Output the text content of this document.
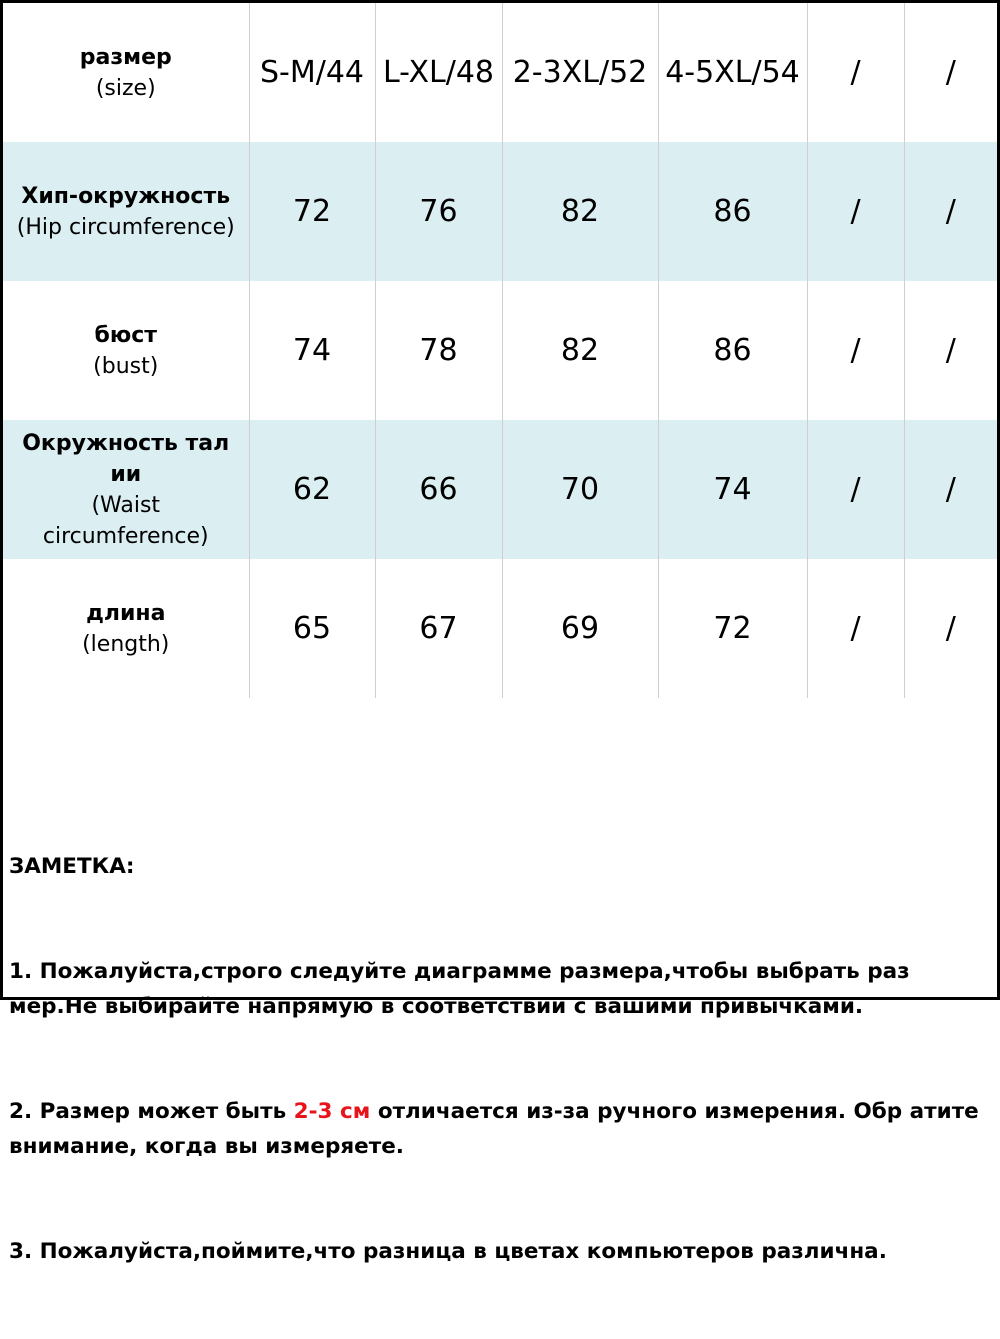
размер
(size)	S-M/44	L-XL/48	2-3XL/52	4-5XL/54	/	/

Хип-окружность
(Hip circumference)	72	76	82	86	/	/

бюст
(bust)	74	78	82	86	/	/

Окружность тал ии
(Waist circumference)	62	66	70	74	/	/

длина
(length)	65	67	69	72	/	/

ЗАМЕТКА:

1. Пожалуйста,строго следуйте диаграмме размера,чтобы выбрать раз мер.Не выбирайте напрямую в соответствии с вашими привычками.

2. Размер может быть 2-3 см отличается из-за ручного измерения. Обр атите внимание, когда вы измеряете.

3. Пожалуйста,поймите,что разница в цветах компьютеров различна.
